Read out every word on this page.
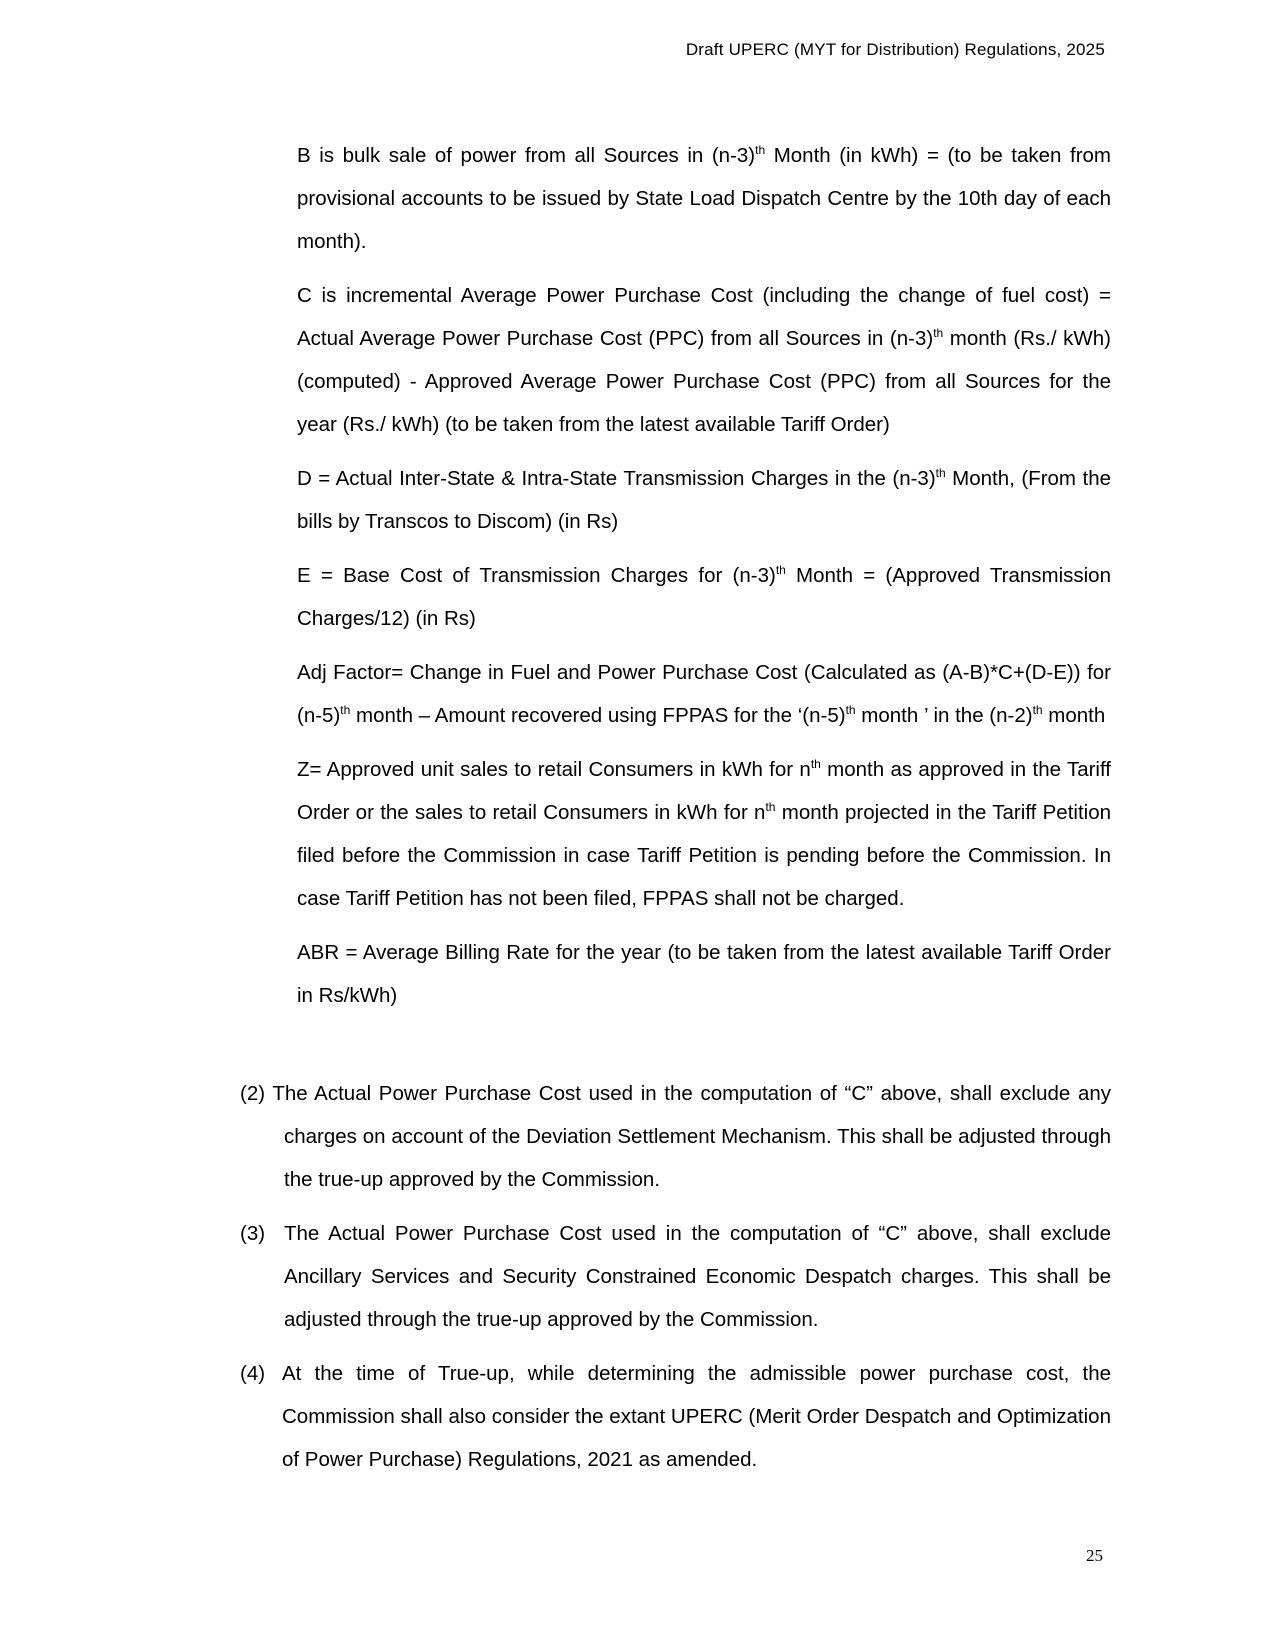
Draft UPERC (MYT for Distribution) Regulations, 2025

B is bulk sale of power from all Sources in $(n-3)^{th}$ Month (in kWh) = (to be taken from provisional accounts to be issued by State Load Dispatch Centre by the 10th day of each month).

C is incremental Average Power Purchase Cost (including the change of fuel cost) = Actual Average Power Purchase Cost (PPC) from all Sources in $(n-3)^{th}$ month (Rs./ kWh) (computed) - Approved Average Power Purchase Cost (PPC) from all Sources for the year (Rs./ kWh) (to be taken from the latest available Tariff Order)

D = Actual Inter-State & Intra-State Transmission Charges in the $(n-3)^{th}$ Month, (From the bills by Transcos to Discom) (in Rs)

E = Base Cost of Transmission Charges for $(n-3)^{th}$ Month = (Approved Transmission Charges/12) (in Rs)

Adj Factor= Change in Fuel and Power Purchase Cost (Calculated as (A-B)*C+(D-E)) for $(n-5)^{th}$ month – Amount recovered using FPPAS for the ‘$(n-5)^{th}$ month ’ in the $(n-2)^{th}$ month

Z= Approved unit sales to retail Consumers in kWh for $n^{th}$ month as approved in the Tariff Order or the sales to retail Consumers in kWh for $n^{th}$ month projected in the Tariff Petition filed before the Commission in case Tariff Petition is pending before the Commission. In case Tariff Petition has not been filed, FPPAS shall not be charged.

ABR = Average Billing Rate for the year (to be taken from the latest available Tariff Order in Rs/kWh)

(2) The Actual Power Purchase Cost used in the computation of “C” above, shall exclude any charges on account of the Deviation Settlement Mechanism. This shall be adjusted through the true-up approved by the Commission.
(3) The Actual Power Purchase Cost used in the computation of “C” above, shall exclude Ancillary Services and Security Constrained Economic Despatch charges. This shall be adjusted through the true-up approved by the Commission.
(4) At the time of True-up, while determining the admissible power purchase cost, the Commission shall also consider the extant UPERC (Merit Order Despatch and Optimization of Power Purchase) Regulations, 2021 as amended.
25
